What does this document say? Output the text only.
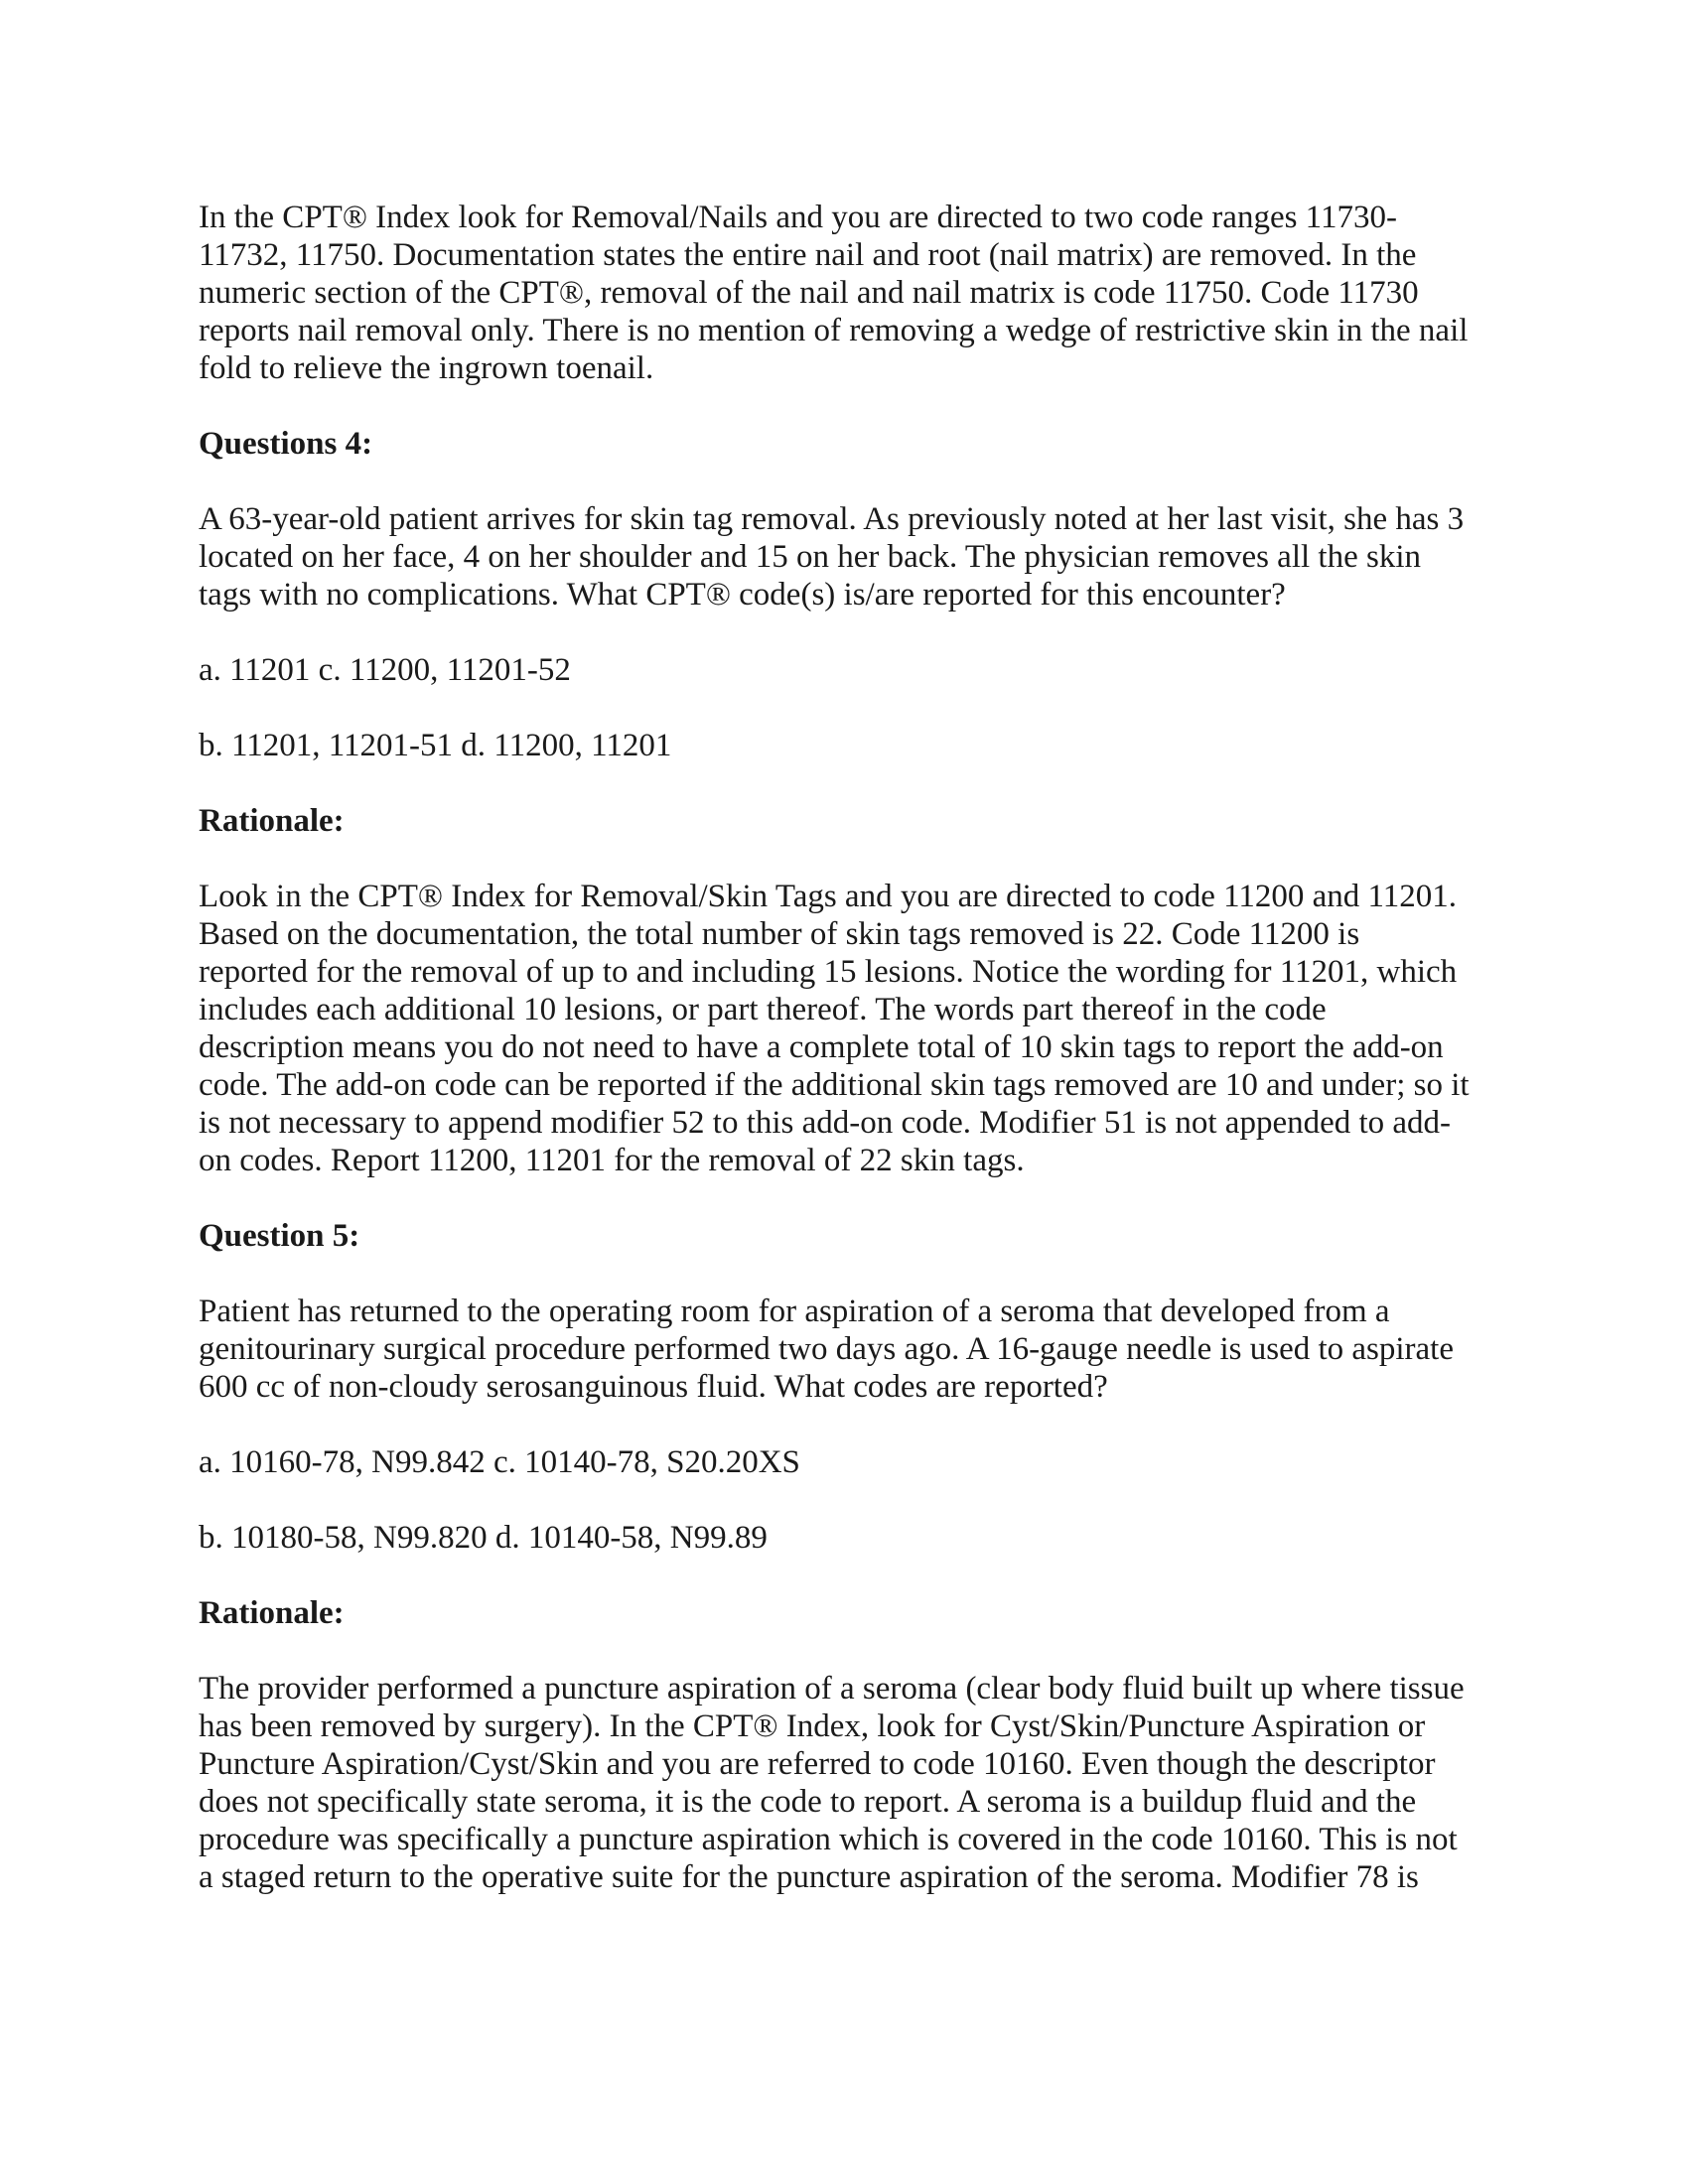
In the CPT® Index look for Removal/Nails and you are directed to two code ranges 11730-
11732, 11750. Documentation states the entire nail and root (nail matrix) are removed. In the
numeric section of the CPT®, removal of the nail and nail matrix is code 11750. Code 11730
reports nail removal only. There is no mention of removing a wedge of restrictive skin in the nail
fold to relieve the ingrown toenail.

Questions 4:

A 63-year-old patient arrives for skin tag removal. As previously noted at her last visit, she has 3
located on her face, 4 on her shoulder and 15 on her back. The physician removes all the skin
tags with no complications. What CPT® code(s) is/are reported for this encounter?

a. 11201 c. 11200, 11201-52

b. 11201, 11201-51 d. 11200, 11201

Rationale:

Look in the CPT® Index for Removal/Skin Tags and you are directed to code 11200 and 11201.
Based on the documentation, the total number of skin tags removed is 22. Code 11200 is
reported for the removal of up to and including 15 lesions. Notice the wording for 11201, which
includes each additional 10 lesions, or part thereof. The words part thereof in the code
description means you do not need to have a complete total of 10 skin tags to report the add-on
code. The add-on code can be reported if the additional skin tags removed are 10 and under; so it
is not necessary to append modifier 52 to this add-on code. Modifier 51 is not appended to add-
on codes. Report 11200, 11201 for the removal of 22 skin tags.

Question 5:

Patient has returned to the operating room for aspiration of a seroma that developed from a
genitourinary surgical procedure performed two days ago. A 16-gauge needle is used to aspirate
600 cc of non-cloudy serosanguinous fluid. What codes are reported?

a. 10160-78, N99.842 c. 10140-78, S20.20XS

b. 10180-58, N99.820 d. 10140-58, N99.89

Rationale:

The provider performed a puncture aspiration of a seroma (clear body fluid built up where tissue
has been removed by surgery). In the CPT® Index, look for Cyst/Skin/Puncture Aspiration or
Puncture Aspiration/Cyst/Skin and you are referred to code 10160. Even though the descriptor
does not specifically state seroma, it is the code to report. A seroma is a buildup fluid and the
procedure was specifically a puncture aspiration which is covered in the code 10160. This is not
a staged return to the operative suite for the puncture aspiration of the seroma. Modifier 78 is
